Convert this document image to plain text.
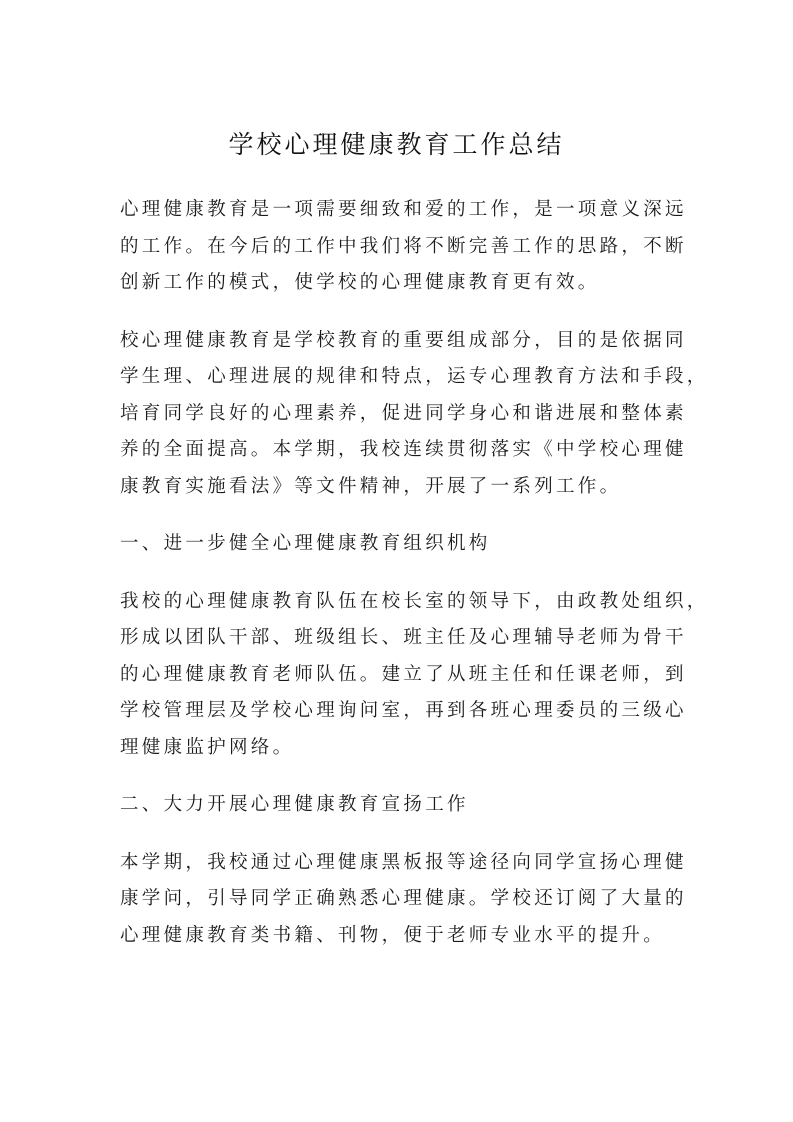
学校心理健康教育工作总结

心理健康教育是一项需要细致和爱的工作，是一项意义深远
的工作。在今后的工作中我们将不断完善工作的思路，不断
创新工作的模式，使学校的心理健康教育更有效。

校心理健康教育是学校教育的重要组成部分，目的是依据同
学生理、心理进展的规律和特点，运专心理教育方法和手段，
培育同学良好的心理素养，促进同学身心和谐进展和整体素
养的全面提高。本学期，我校连续贯彻落实《中学校心理健
康教育实施看法》等文件精神，开展了一系列工作。

一、进一步健全心理健康教育组织机构

我校的心理健康教育队伍在校长室的领导下，由政教处组织，
形成以团队干部、班级组长、班主任及心理辅导老师为骨干
的心理健康教育老师队伍。建立了从班主任和任课老师，到
学校管理层及学校心理询问室，再到各班心理委员的三级心
理健康监护网络。

二、大力开展心理健康教育宣扬工作

本学期，我校通过心理健康黑板报等途径向同学宣扬心理健
康学问，引导同学正确熟悉心理健康。学校还订阅了大量的
心理健康教育类书籍、刊物，便于老师专业水平的提升。
